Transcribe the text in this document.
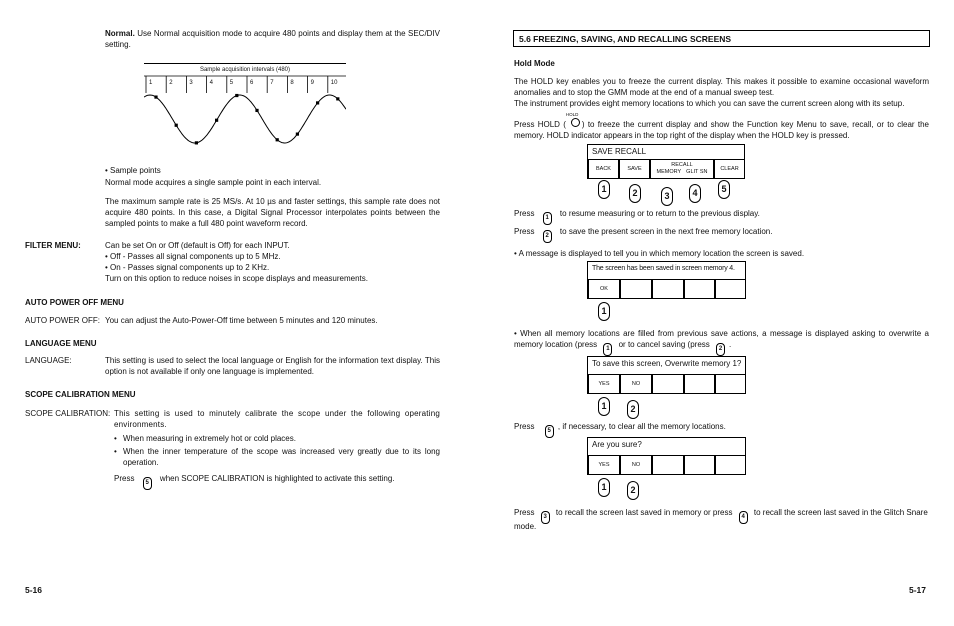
Normal. Use Normal acquisition mode to acquire 480 points and display them at the SEC/DIV setting.
Sample acquisition intervals (480)
1	2	3	4	5	6	7	8	9	10
• Sample points
Normal mode acquires a single sample point in each interval.
The maximum sample rate is 25 MS/s. At 10 µs and faster settings, this sample rate does not acquire 480 points. In this case, a Digital Signal Processor interpolates points between the sampled points to make a full 480 point waveform record.
FILTER MENU:	Can be set On or Off (default is Off) for each INPUT.
• Off - Passes all signal components up to 5 MHz.
• On - Passes signal components up to 2 KHz.
Turn on this option to reduce noises in scope displays and measurements.
AUTO POWER OFF MENU
AUTO POWER OFF: You can adjust the Auto-Power-Off time between 5 minutes and 120 minutes.
LANGUAGE MENU
LANGUAGE:	This setting is used to select the local language or English for the information text display. This option is not available if only one language is implemented.
SCOPE CALIBRATION MENU
SCOPE CALIBRATION: This setting is used to minutely calibrate the scope under the following operating environments.
• When measuring in extremely hot or cold places.
• When the inner temperature of the scope was increased very greatly due to its long operation.
Press 5 when SCOPE CALIBRATION is highlighted to activate this setting.
5-16
5.6 FREEZING, SAVING, AND RECALLING SCREENS
Hold Mode
The HOLD key enables you to freeze the current display. This makes it possible to examine occasional waveform anomalies and to stop the GMM mode at the end of a manual sweep test.
The instrument provides eight memory locations to which you can save the current screen along with its setup.
Press HOLD (
HOLD
) to freeze the current display and show the Function key Menu to save, recall, or to clear the memory. HOLD indicator appears in the top right of the display when the HOLD key is pressed.
SAVE RECALL
BACK	SAVE
RECALL
MEMORY GLIT SN
CLEAR
1	2	3	4	5
Press 1 to resume measuring or to return to the previous display.
Press 2 to save the present screen in the next free memory location.
• A message is displayed to tell you in which memory location the screen is saved.
The screen has been saved in screen memory 4.
OK
1
• When all memory locations are filled from previous save actions, a message is displayed asking to overwrite a memory location (press 1 or to cancel saving (press 2 .
To save this screen, Overwrite memory 1?
YES	NO
1	2
Press 5 , if necessary, to clear all the memory locations.
Are you sure?
YES	NO
1	2
Press 3 to recall the screen last saved in memory or press 4 to recall the screen last saved in the Glitch Snare mode.
5-17
